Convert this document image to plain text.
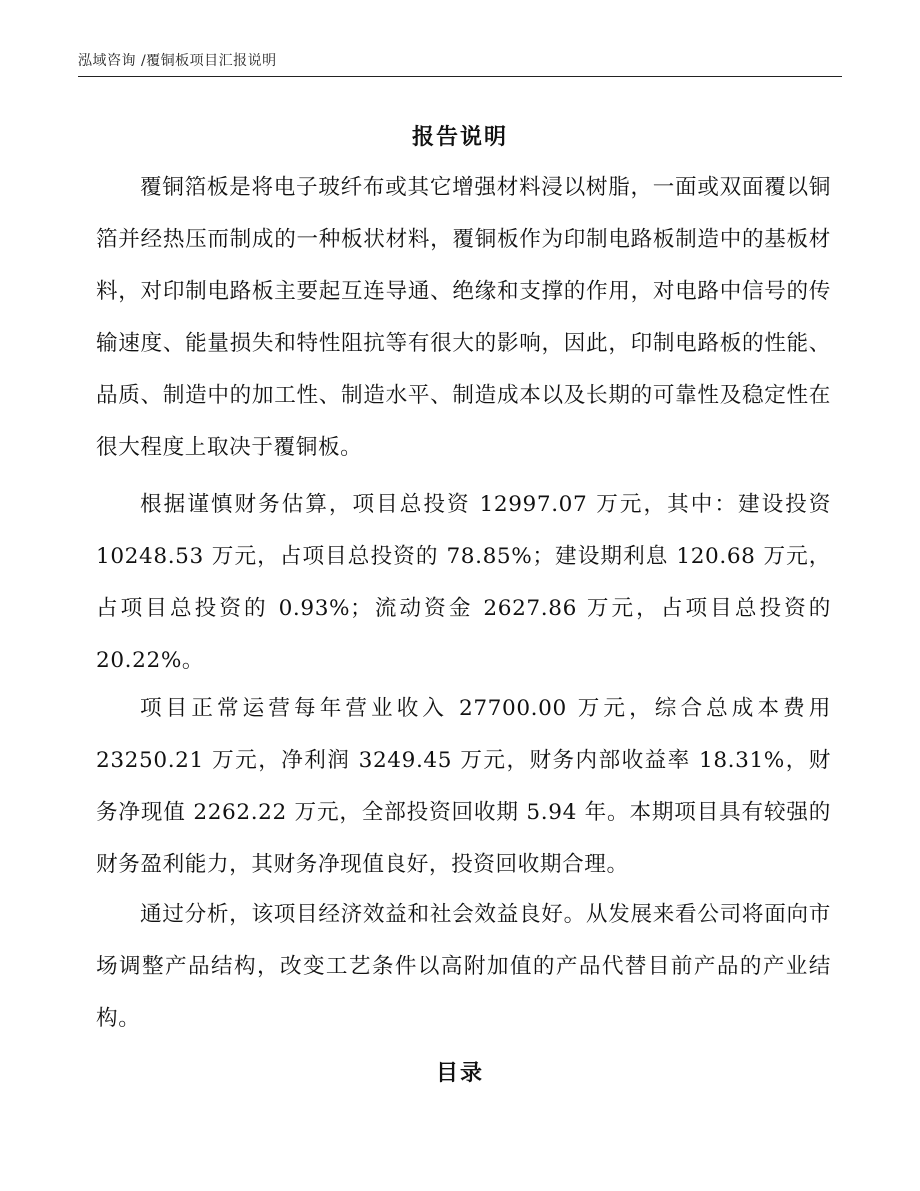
泓域咨询 /覆铜板项目汇报说明
报告说明

覆铜箔板是将电子玻纤布或其它增强材料浸以树脂，一面或双面覆以铜箔并经热压而制成的一种板状材料，覆铜板作为印制电路板制造中的基板材料，对印制电路板主要起互连导通、绝缘和支撑的作用，对电路中信号的传输速度、能量损失和特性阻抗等有很大的影响，因此，印制电路板的性能、品质、制造中的加工性、制造水平、制造成本以及长期的可靠性及稳定性在很大程度上取决于覆铜板。

根据谨慎财务估算，项目总投资 12997.07 万元，其中：建设投资 10248.53 万元，占项目总投资的 78.85%；建设期利息 120.68 万元，占项目总投资的 0.93%；流动资金 2627.86 万元，占项目总投资的 20.22%。

项目正常运营每年营业收入 27700.00 万元，综合总成本费用 23250.21 万元，净利润 3249.45 万元，财务内部收益率 18.31%，财务净现值 2262.22 万元，全部投资回收期 5.94 年。本期项目具有较强的财务盈利能力，其财务净现值良好，投资回收期合理。

通过分析，该项目经济效益和社会效益良好。从发展来看公司将面向市场调整产品结构，改变工艺条件以高附加值的产品代替目前产品的产业结构。

目录
